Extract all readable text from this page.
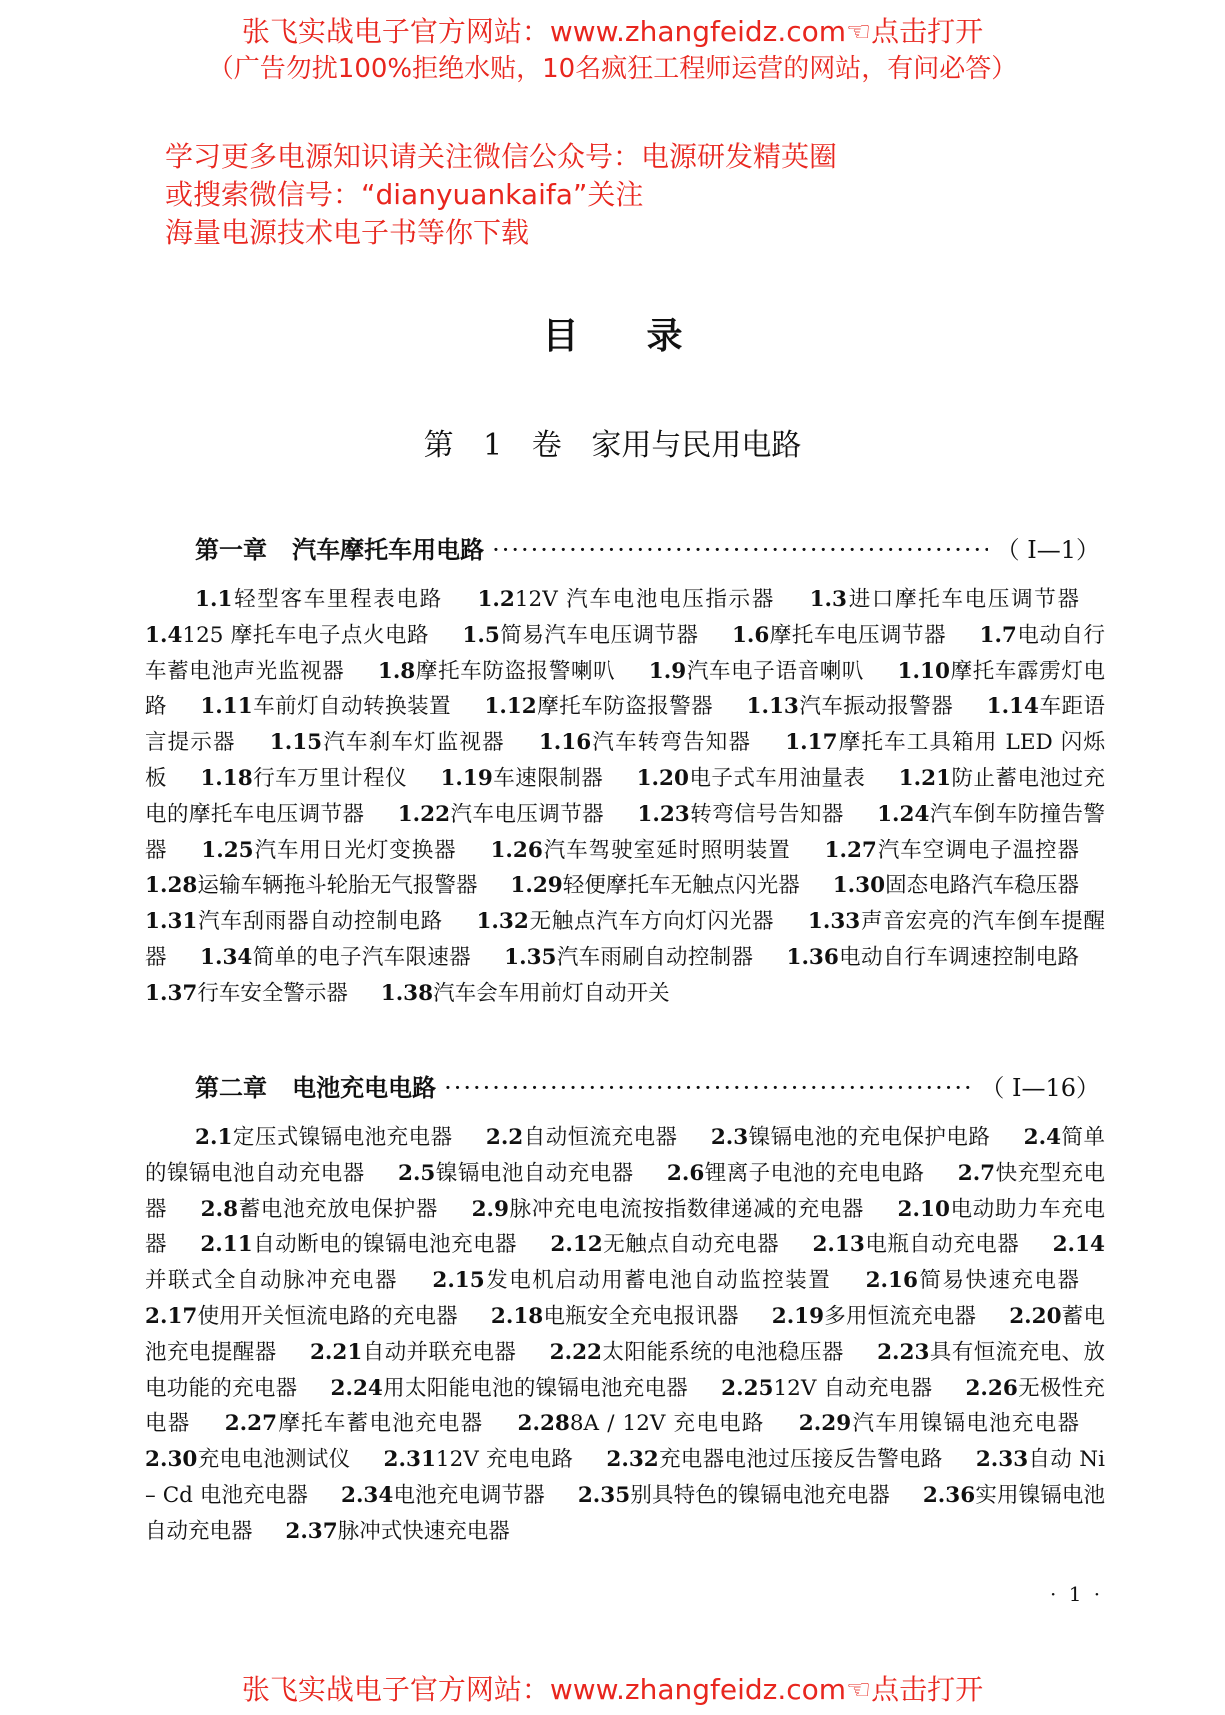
张飞实战电子官方网站：www.zhangfeidz.com☜点击打开
（广告勿扰100%拒绝水贴，10名疯狂工程师运营的网站，有问必答）
学习更多电源知识请关注微信公众号：电源研发精英圈
或搜索微信号：“dianyuankaifa”关注
海量电源技术电子书等你下载
目录
第 1 卷 家用与民用电路
第一章   汽车摩托车用电路 ·····	（ Ⅰ—1）

1.1轻型客车里程表电路 1.212V 汽车电池电压指示器 1.3进口摩托车电压调节器 1.4125 摩托车电子点火电路 1.5简易汽车电压调节器 1.6摩托车电压调节器 1.7电动自行车蓄电池声光监视器 1.8摩托车防盗报警喇叭 1.9汽车电子语音喇叭 1.10摩托车霹雳灯电路 1.11车前灯自动转换装置 1.12摩托车防盗报警器 1.13汽车振动报警器 1.14车距语言提示器 1.15汽车刹车灯监视器 1.16汽车转弯告知器 1.17摩托车工具箱用 LED 闪烁板 1.18行车万里计程仪 1.19车速限制器 1.20电子式车用油量表 1.21防止蓄电池过充电的摩托车电压调节器 1.22汽车电压调节器 1.23转弯信号告知器 1.24汽车倒车防撞告警器 1.25汽车用日光灯变换器 1.26汽车驾驶室延时照明装置 1.27汽车空调电子温控器 1.28运输车辆拖斗轮胎无气报警器 1.29轻便摩托车无触点闪光器 1.30固态电路汽车稳压器 1.31汽车刮雨器自动控制电路 1.32无触点汽车方向灯闪光器 1.33声音宏亮的汽车倒车提醒器 1.34简单的电子汽车限速器 1.35汽车雨刷自动控制器 1.36电动自行车调速控制电路 1.37行车安全警示器 1.38汽车会车用前灯自动开关

第二章   电池充电电路 ·····	（ Ⅰ—16）

2.1定压式镍镉电池充电器 2.2自动恒流充电器 2.3镍镉电池的充电保护电路 2.4简单的镍镉电池自动充电器 2.5镍镉电池自动充电器 2.6锂离子电池的充电电路 2.7快充型充电器 2.8蓄电池充放电保护器 2.9脉冲充电电流按指数律递减的充电器 2.10电动助力车充电器 2.11自动断电的镍镉电池充电器 2.12无触点自动充电器 2.13电瓶自动充电器 2.14并联式全自动脉冲充电器 2.15发电机启动用蓄电池自动监控装置 2.16简易快速充电器 2.17使用开关恒流电路的充电器 2.18电瓶安全充电报讯器 2.19多用恒流充电器 2.20蓄电池充电提醒器 2.21自动并联充电器 2.22太阳能系统的电池稳压器 2.23具有恒流充电、放电功能的充电器 2.24用太阳能电池的镍镉电池充电器 2.2512V 自动充电器 2.26无极性充电器 2.27摩托车蓄电池充电器 2.288A / 12V 充电电路 2.29汽车用镍镉电池充电器 2.30充电电池测试仪 2.3112V 充电电路 2.32充电器电池过压接反告警电路 2.33自动 Ni – Cd 电池充电器 2.34电池充电调节器 2.35别具特色的镍镉电池充电器 2.36实用镍镉电池自动充电器 2.37脉冲式快速充电器

· 1 ·
张飞实战电子官方网站：www.zhangfeidz.com☜点击打开
